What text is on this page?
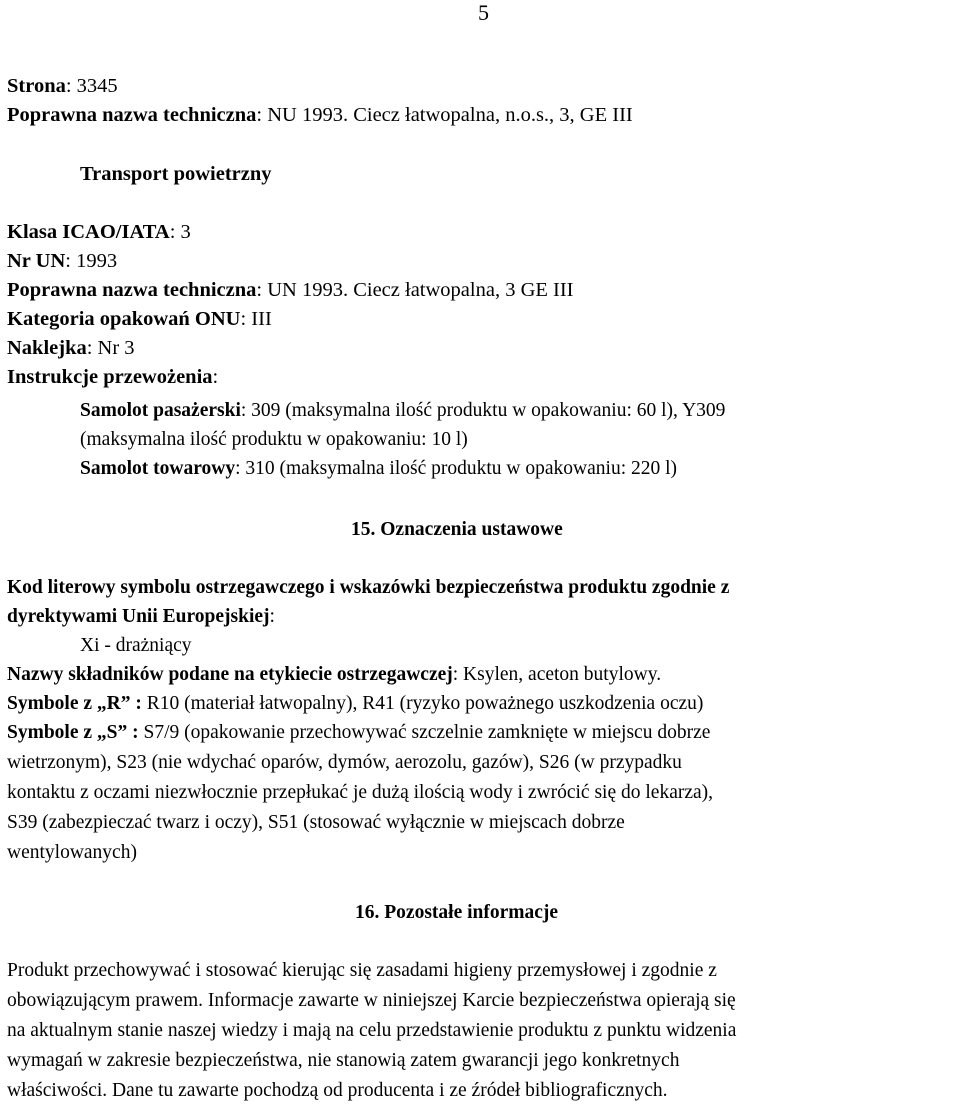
5
Strona: 3345
Poprawna nazwa techniczna: NU 1993. Ciecz łatwopalna, n.o.s., 3, GE III
Transport powietrzny
Klasa ICAO/IATA: 3
Nr UN: 1993
Poprawna nazwa techniczna: UN 1993. Ciecz łatwopalna, 3 GE III
Kategoria opakowań ONU: III
Naklejka: Nr 3
Instrukcje przewożenia:
Samolot pasażerski: 309 (maksymalna ilość produktu w opakowaniu: 60 l), Y309
(maksymalna ilość produktu w opakowaniu: 10 l)
Samolot towarowy: 310 (maksymalna ilość produktu w opakowaniu: 220 l)
15. Oznaczenia ustawowe
Kod literowy symbolu ostrzegawczego i wskazówki bezpieczeństwa produktu zgodnie z
dyrektywami Unii Europejskiej:
Xi - drażniący
Nazwy składników podane na etykiecie ostrzegawczej: Ksylen, aceton butylowy.
Symbole z „R” : R10 (materiał łatwopalny), R41 (ryzyko poważnego uszkodzenia oczu)
Symbole z „S” : S7/9 (opakowanie przechowywać szczelnie zamknięte w miejscu dobrze
wietrzonym), S23 (nie wdychać oparów, dymów, aerozolu, gazów), S26 (w przypadku
kontaktu z oczami niezwłocznie przepłukać je dużą ilością wody i zwrócić się do lekarza),
S39 (zabezpieczać twarz i oczy), S51 (stosować wyłącznie w miejscach dobrze
wentylowanych)
16. Pozostałe informacje
Produkt przechowywać i stosować kierując się zasadami higieny przemysłowej i zgodnie z
obowiązującym prawem. Informacje zawarte w niniejszej Karcie bezpieczeństwa opierają się
na aktualnym stanie naszej wiedzy i mają na celu przedstawienie produktu z punktu widzenia
wymagań w zakresie bezpieczeństwa, nie stanowią zatem gwarancji jego konkretnych
właściwości. Dane tu zawarte pochodzą od producenta i ze źródeł bibliograficznych.
